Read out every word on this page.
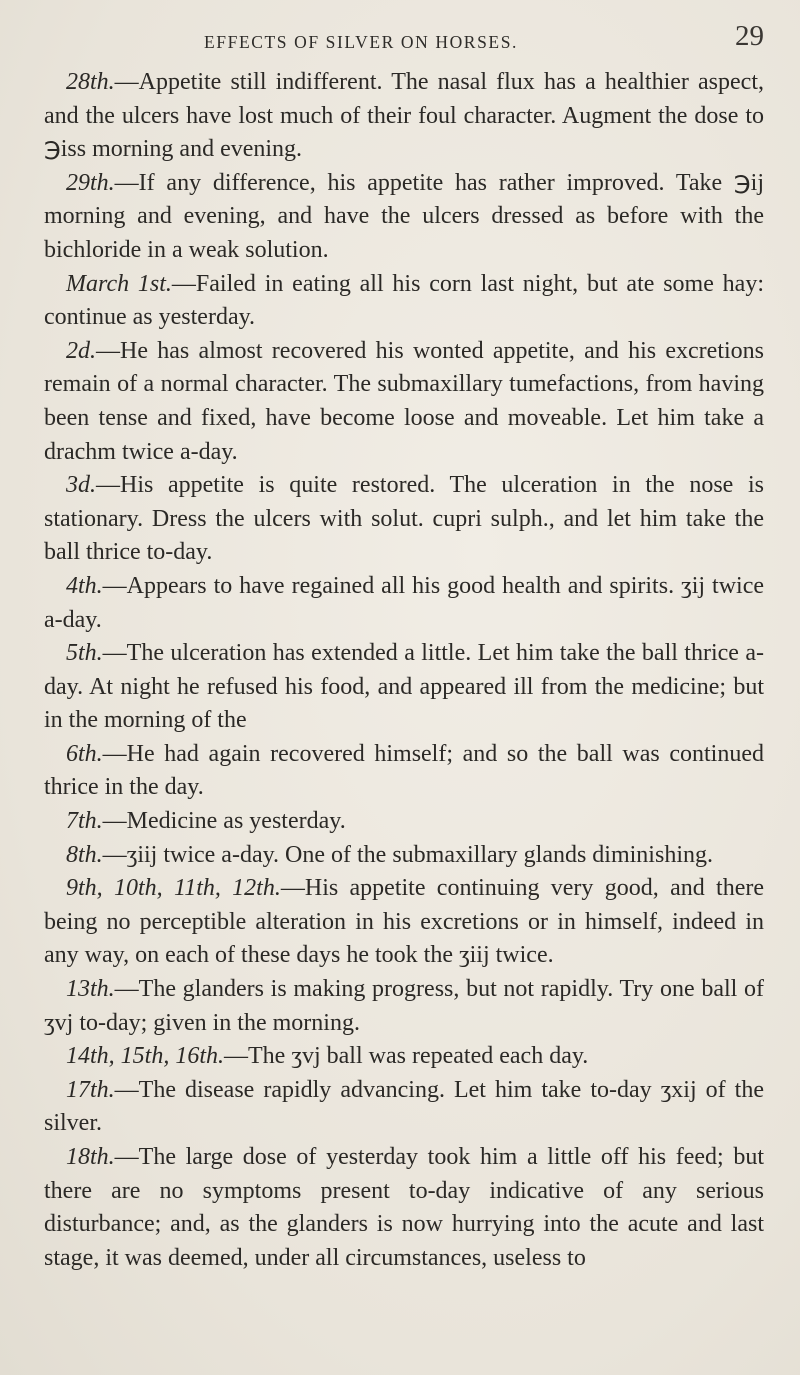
EFFECTS OF SILVER ON HORSES.	29

28th.—Appetite still indifferent. The nasal flux has a healthier aspect, and the ulcers have lost much of their foul character. Augment the dose to ℈iss morning and evening.

29th.—If any difference, his appetite has rather improved. Take ℈ij morning and evening, and have the ulcers dressed as before with the bichloride in a weak solution.

March 1st.—Failed in eating all his corn last night, but ate some hay: continue as yesterday.

2d.—He has almost recovered his wonted appetite, and his excretions remain of a normal character. The submaxillary tumefactions, from having been tense and fixed, have become loose and moveable. Let him take a drachm twice a-day.

3d.—His appetite is quite restored. The ulceration in the nose is stationary. Dress the ulcers with solut. cupri sulph., and let him take the ball thrice to-day.

4th.—Appears to have regained all his good health and spirits. ʒij twice a-day.

5th.—The ulceration has extended a little. Let him take the ball thrice a-day. At night he refused his food, and appeared ill from the medicine; but in the morning of the

6th.—He had again recovered himself; and so the ball was continued thrice in the day.

7th.—Medicine as yesterday.

8th.—ʒiij twice a-day. One of the submaxillary glands diminishing.

9th, 10th, 11th, 12th.—His appetite continuing very good, and there being no perceptible alteration in his excretions or in himself, indeed in any way, on each of these days he took the ʒiij twice.

13th.—The glanders is making progress, but not rapidly. Try one ball of ʒvj to-day; given in the morning.

14th, 15th, 16th.—The ʒvj ball was repeated each day.

17th.—The disease rapidly advancing. Let him take to-day ʒxij of the silver.

18th.—The large dose of yesterday took him a little off his feed; but there are no symptoms present to-day indicative of any serious disturbance; and, as the glanders is now hurrying into the acute and last stage, it was deemed, under all circumstances, useless to
